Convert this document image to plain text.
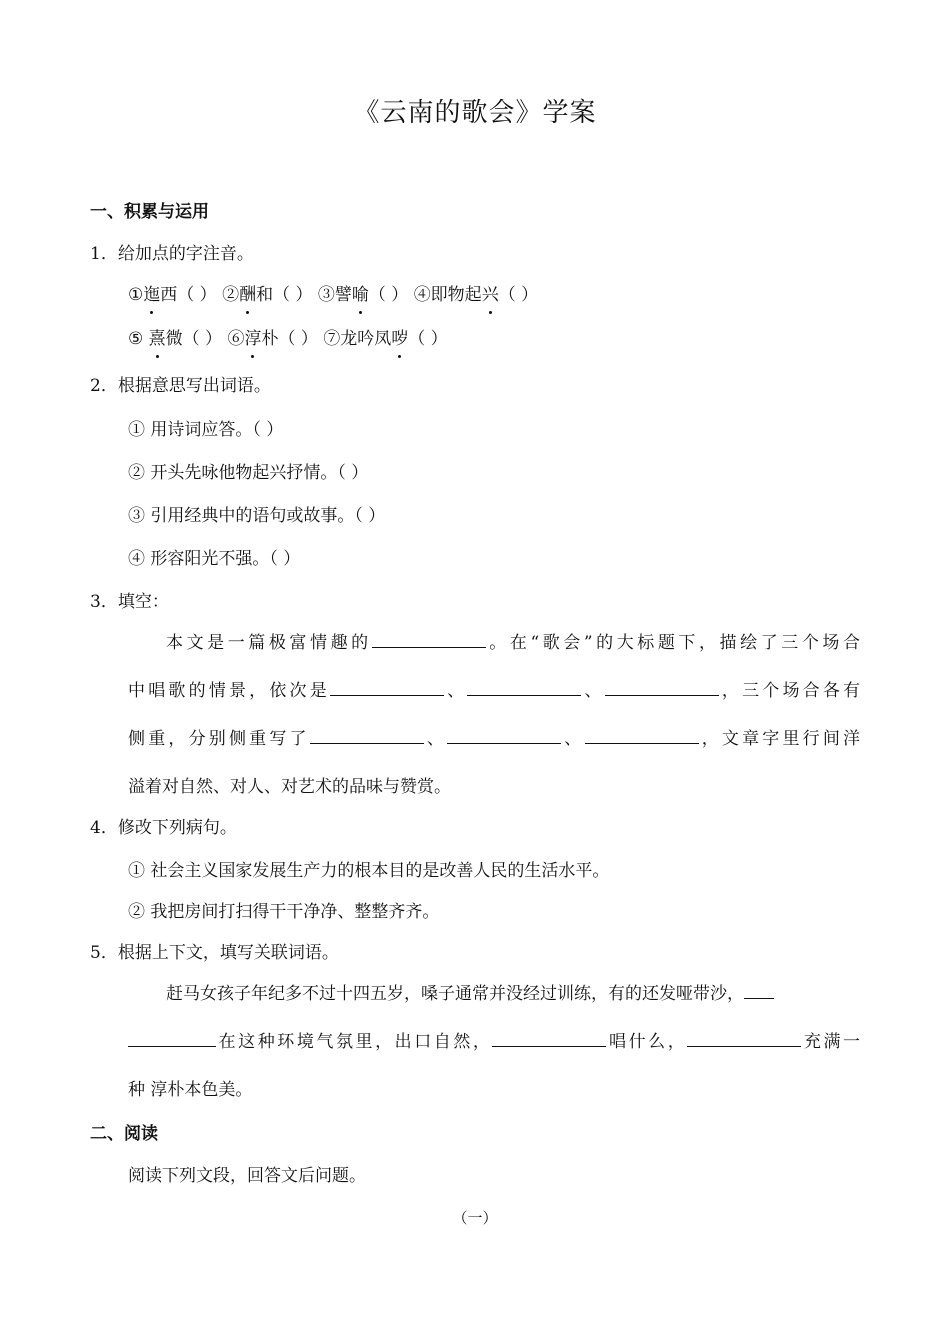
《云南的歌会》学案
一、积累与运用
1．给加点的字注音。
①迤西（ ） ②酬和（ ） ③譬喻（ ） ④即物起兴（ ）
⑤ 熹微（ ） ⑥淳朴（ ） ⑦龙吟凤哕（ ）
2．根据意思写出词语。
① 用诗词应答。（ ）
② 开头先咏他物起兴抒情。（ ）
③ 引用经典中的语句或故事。（ ）
④ 形容阳光不强。（ ）
3．填空：
本文是一篇极富情趣的	。在“歌会”的大标题下，描绘了三个场合
中唱歌的情景，依次是	、	、	，三个场合各有
侧重，分别侧重写了	、	、	，文章字里行间洋
溢着对自然、对人、对艺术的品味与赞赏。
4．修改下列病句。
① 社会主义国家发展生产力的根本目的是改善人民的生活水平。
② 我把房间打扫得干干净净、整整齐齐。
5．根据上下文，填写关联词语。
赶马女孩子年纪多不过十四五岁，嗓子通常并没经过训练，有的还发哑带沙，
在这种环境气氛里，出口自然，	唱什么，	充满一
种 淳朴本色美。
二、阅读
阅读下列文段，回答文后问题。
（一）
